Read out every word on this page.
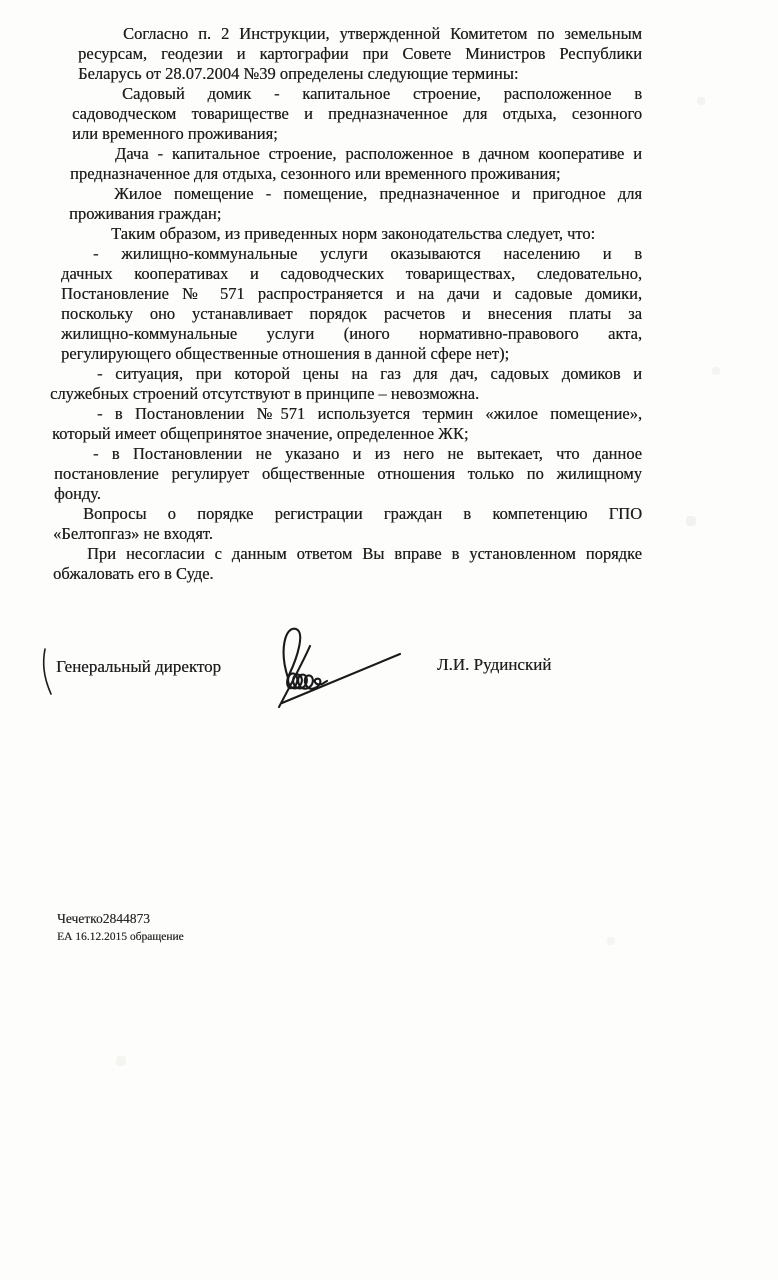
Согласно п. 2 Инструкции, утвержденной Комитетом по земельным
ресурсам, геодезии и картографии при Совете Министров Республики
Беларусь от 28.07.2004 №39 определены следующие термины:
Садовый домик - капитальное строение, расположенное в
садоводческом товариществе и предназначенное для отдыха, сезонного
или временного проживания;
Дача - капитальное строение, расположенное в дачном кооперативе и
предназначенное для отдыха, сезонного или временного проживания;
Жилое помещение - помещение, предназначенное и пригодное для
проживания граждан;
Таким образом, из приведенных норм законодательства следует, что:
- жилищно-коммунальные услуги оказываются населению и в
дачных кооперативах и садоводческих товариществах, следовательно,
Постановление № 571 распространяется и на дачи и садовые домики,
поскольку оно устанавливает порядок расчетов и внесения платы за
жилищно-коммунальные услуги (иного нормативно-правового акта,
регулирующего общественные отношения в данной сфере нет);
- ситуация, при которой цены на газ для дач, садовых домиков и
служебных строений отсутствуют в принципе – невозможна.
- в Постановлении №571 используется термин «жилое помещение»,
который имеет общепринятое значение, определенное ЖК;
- в Постановлении не указано и из него не вытекает, что данное
постановление регулирует общественные отношения только по жилищному
фонду.
Вопросы о порядке регистрации граждан в компетенцию ГПО
«Белтопгаз» не входят.
При несогласии с данным ответом Вы вправе в установленном порядке
обжаловать его в Суде.
Генеральный директор	Л.И. Рудинский
Чечетко2844873
ЕА 16.12.2015 обращение
